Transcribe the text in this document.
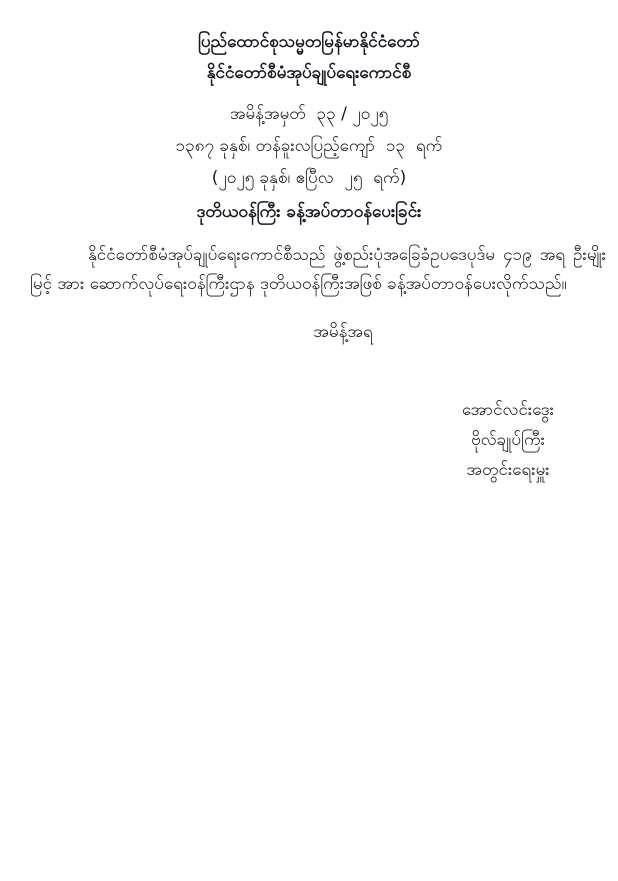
ပြည်ထောင်စုသမ္မတမြန်မာနိုင်ငံတော်
နိုင်ငံတော်စီမံအုပ်ချုပ်ရေးကောင်စီ
အမိန့်အမှတ်  ၃၃ / ၂၀၂၅
၁၃၈၇ ခုနှစ်၊ တန်ခူးလပြည့်ကျော်  ၁၃  ရက်
(၂၀၂၅ ခုနှစ်၊ ဧပြီလ  ၂၅  ရက်)
ဒုတိယဝန်ကြီး ခန့်အပ်တာဝန်ပေးခြင်း

နိုင်ငံတော်စီမံအုပ်ချုပ်ရေးကောင်စီသည် ဖွဲ့စည်းပုံအခြေခံဥပဒေပုဒ်မ ၄၁၉ အရ ဦးမျိုးမြင့် အား ဆောက်လုပ်ရေးဝန်ကြီးဌာန ဒုတိယဝန်ကြီးအဖြစ် ခန့်အပ်တာဝန်ပေးလိုက်သည်။

အမိန့်အရ
အောင်လင်းဒွေး
ဗိုလ်ချုပ်ကြီး
အတွင်းရေးမှူး
